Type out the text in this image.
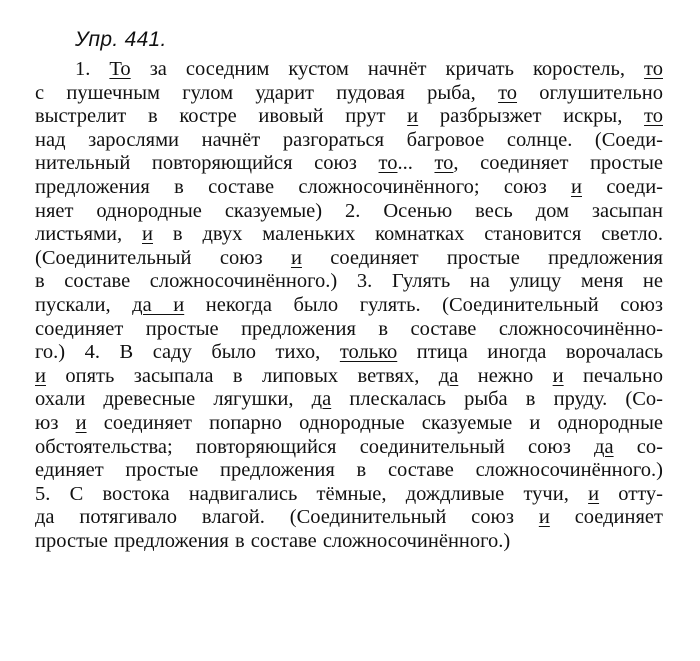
Упр. 441.
1. То за соседним кустом начнёт кричать коростель, то
с пушечным гулом ударит пудовая рыба, то оглушительно
выстрелит в костре ивовый прут и разбрызжет искры, то
над зарослями начнёт разгораться багровое солнце. (Соеди-
нительный повторяющийся союз то... то, соединяет простые
предложения в составе сложносочинённого; союз и соеди-
няет однородные сказуемые) 2. Осенью весь дом засыпан
листьями, и в двух маленьких комнатках становится светло.
(Соединительный союз и соединяет простые предложения
в составе сложносочинённого.) 3. Гулять на улицу меня не
пускали, да и некогда было гулять. (Соединительный союз
соединяет простые предложения в составе сложносочинённо-
го.) 4. В саду было тихо, только птица иногда ворочалась
и опять засыпала в липовых ветвях, да нежно и печально
охали древесные лягушки, да плескалась рыба в пруду. (Со-
юз и соединяет попарно однородные сказуемые и однородные
обстоятельства; повторяющийся соединительный союз да со-
единяет простые предложения в составе сложносочинённого.)
5. С востока надвигались тёмные, дождливые тучи, и отту-
да потягивало влагой. (Соединительный союз и соединяет
простые предложения в составе сложносочинённого.)
